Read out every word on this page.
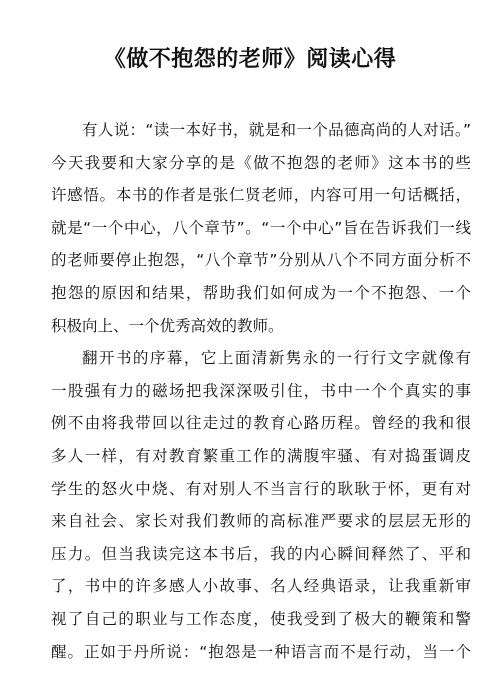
《做不抱怨的老师》阅读心得
有人说：“读一本好书，就是和一个品德高尚的人对话。”
今天我要和大家分享的是《做不抱怨的老师》这本书的些
许感悟。本书的作者是张仁贤老师，内容可用一句话概括，
就是“一个中心，八个章节”。“一个中心”旨在告诉我们一线
的老师要停止抱怨，“八个章节”分别从八个不同方面分析不
抱怨的原因和结果，帮助我们如何成为一个不抱怨、一个
积极向上、一个优秀高效的教师。
翻开书的序幕，它上面清新隽永的一行行文字就像有
一股强有力的磁场把我深深吸引住，书中一个个真实的事
例不由将我带回以往走过的教育心路历程。曾经的我和很
多人一样，有对教育繁重工作的满腹牢骚、有对捣蛋调皮
学生的怒火中烧、有对别人不当言行的耿耿于怀，更有对
来自社会、家长对我们教师的高标准严要求的层层无形的
压力。但当我读完这本书后，我的内心瞬间释然了、平和
了，书中的许多感人小故事、名人经典语录，让我重新审
视了自己的职业与工作态度，使我受到了极大的鞭策和警
醒。正如于丹所说：“抱怨是一种语言而不是行动，当一个
